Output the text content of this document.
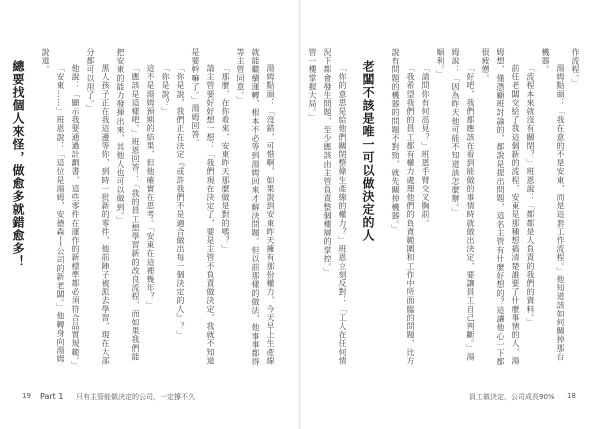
湯姆點頭：「沒錯，可惜啊，如果說到安東昨天擁有那份權力，今天早上生產線就能繼續運轉，根本不必等到湯姆回來才解決問題。但以前那樣的做法，他事事都得等主管同意。」

「那麼，在你看來，安東昨天那麼做是對的嗎？」

請主管要好好想一想：「我們現在決定了，要是主管不負責做決定，我就不知道是要幹嘛了。」湯姆回答。

「你是說，我們正在決定『或許我們不是適合做出每一個決定的人』？」

「你是說？」

這不是湯姆預期的結果，但他確實在思考。「安東在這裡幾年？」

「應該是這樣吧。」班恩回答：「我的員工想學習新的改良流程，而如果我們能把安東的能力發揮出來，其他人也可以做到。」

黑人孩子正在我這邊等你，到時一批新的零件，他前陣子被派去學習，現在大部分都可以用了。」

他說：「顯示我要通過計劃書，這些零件在運作的新標準都必須符合品質規範。」

「安東……」班恩說：「這位是湯姆，安德森──公司的新老闆。」他轉身向湯姆說道。

總要找個人來怪，做愈多就錯愈多！

19 Part 1 只有主管能做決定的公司，一定撐不久

作流程。」

湯姆點頭：「我在意的不是安東，而是這套工作流程。」他知道該如何關掉那台機器。

「流程本來就沒有關閉？」班恩說：「都都是人負責的我們的資料。」

前任老闆交給了我這個新的流程，安東是那種想搞清楚誰要了什麼事情的人，湯姆想，僅憑顧班討論的，都說是提出問題，這名主管有什麼好想的？這讓他心一下都很疲憊。

「好吧，我們都應該在看到能做的事情時就做出決定，要讓員工自己判斷。」湯姆說：「因為昨天他可能不知道該怎麼辦。」

順利。」

「請問你有何高見？」班恩手臂交叉胸前。

「我希望我們的員工都有權力處理他們的負責範圍和工作中所面臨的問題，比方說有問題的機器的問題不對勁，就先關掉機器。」

老闆不該是唯一可以做決定的人

「你的意思是給他們關閉整條生產線的權力？」班恩立刻反對：「工人在任何情況下都會發生問題，至少應該由主管負責整個樓層的掌控。」

管一樓掌握大局。」

員工做決定，公司成長90% 18
